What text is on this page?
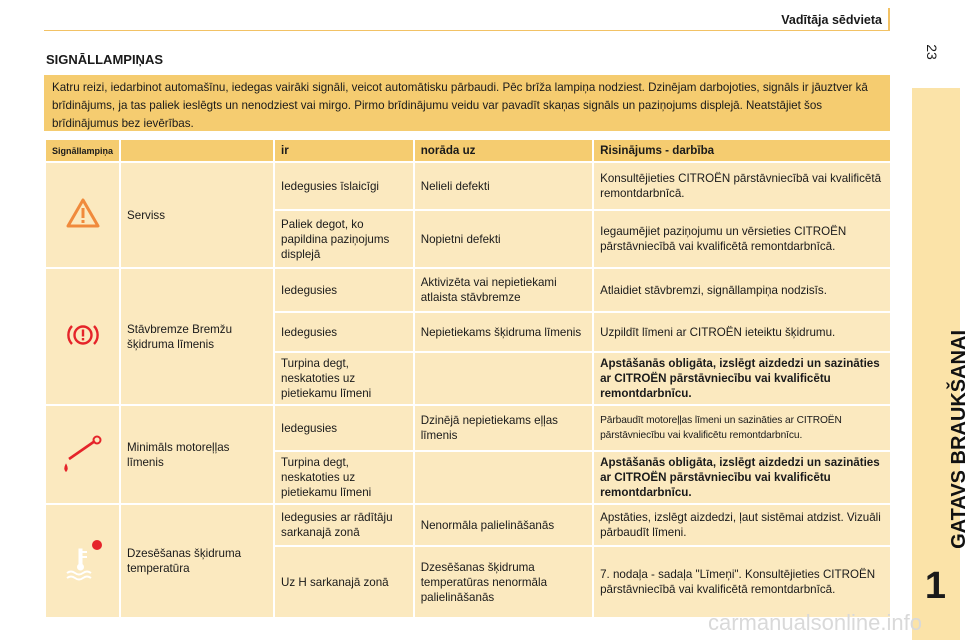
Vadītāja sēdvieta
23
GATAVS BRAUKŠANAI
1
SIGNĀLLAMPIŅAS
Katru reizi, iedarbinot automašīnu, iedegas vairāki signāli, veicot automātisku pārbaudi. Pēc brīža lampiņa nodziest. Dzinējam darbojoties, signāls ir jāuztver kā brīdinājums, ja tas paliek ieslēgts un nenodziest vai mirgo. Pirmo brīdinājumu veidu var pavadīt skaņas signāls un paziņojums displejā. Neatstājiet šos brīdinājumus bez ievērības.
Signāllampiņa		ir	norāda uz	Risinājums - darbība
	Serviss	Iedegusies īslaicīgi	Nelieli defekti	Konsultējieties CITROËN pārstāvniecībā vai kvalificētā remontdarbnīcā.
		Paliek degot, ko papildina paziņojums displejā	Nopietni defekti	Iegaumējiet paziņojumu un vērsieties CITROËN pārstāvniecībā vai kvalificētā remontdarbnīcā.
	Stāvbremze Bremžu šķidruma līmenis	Iedegusies	Aktivizēta vai nepietiekami atlaista stāvbremze	Atlaidiet stāvbremzi, signāllampiņa nodzisīs.
		Iedegusies	Nepietiekams šķidruma līmenis	Uzpildīt līmeni ar CITROËN ieteiktu šķidrumu.
		Turpina degt, neskatoties uz pietiekamu līmeni		Apstāšanās obligāta, izslēgt aizdedzi un sazināties ar CITROËN pārstāvniecību vai kvalificētu remontdarbnīcu.
	Minimāls motoreļļas līmenis	Iedegusies	Dzinējā nepietiekams eļļas līmenis	Pārbaudīt motoreļļas līmeni un sazināties ar CITROËN pārstāvniecību vai kvalificētu remontdarbnīcu.
		Turpina degt, neskatoties uz pietiekamu līmeni		Apstāšanās obligāta, izslēgt aizdedzi un sazināties ar CITROËN pārstāvniecību vai kvalificētu remontdarbnīcu.
	Dzesēšanas šķidruma temperatūra	Iedegusies ar rādītāju sarkanajā zonā	Nenormāla palielināšanās	Apstāties, izslēgt aizdedzi, ļaut sistēmai atdzist. Vizuāli pārbaudīt līmeni.
		Uz H sarkanajā zonā	Dzesēšanas šķidruma temperatūras nenormāla palielināšanās	7. nodaļa - sadaļa "Līmeņi". Konsultējieties CITROËN pārstāvniecībā vai kvalificētā remontdarbnīcā.
carmanualsonline.info
